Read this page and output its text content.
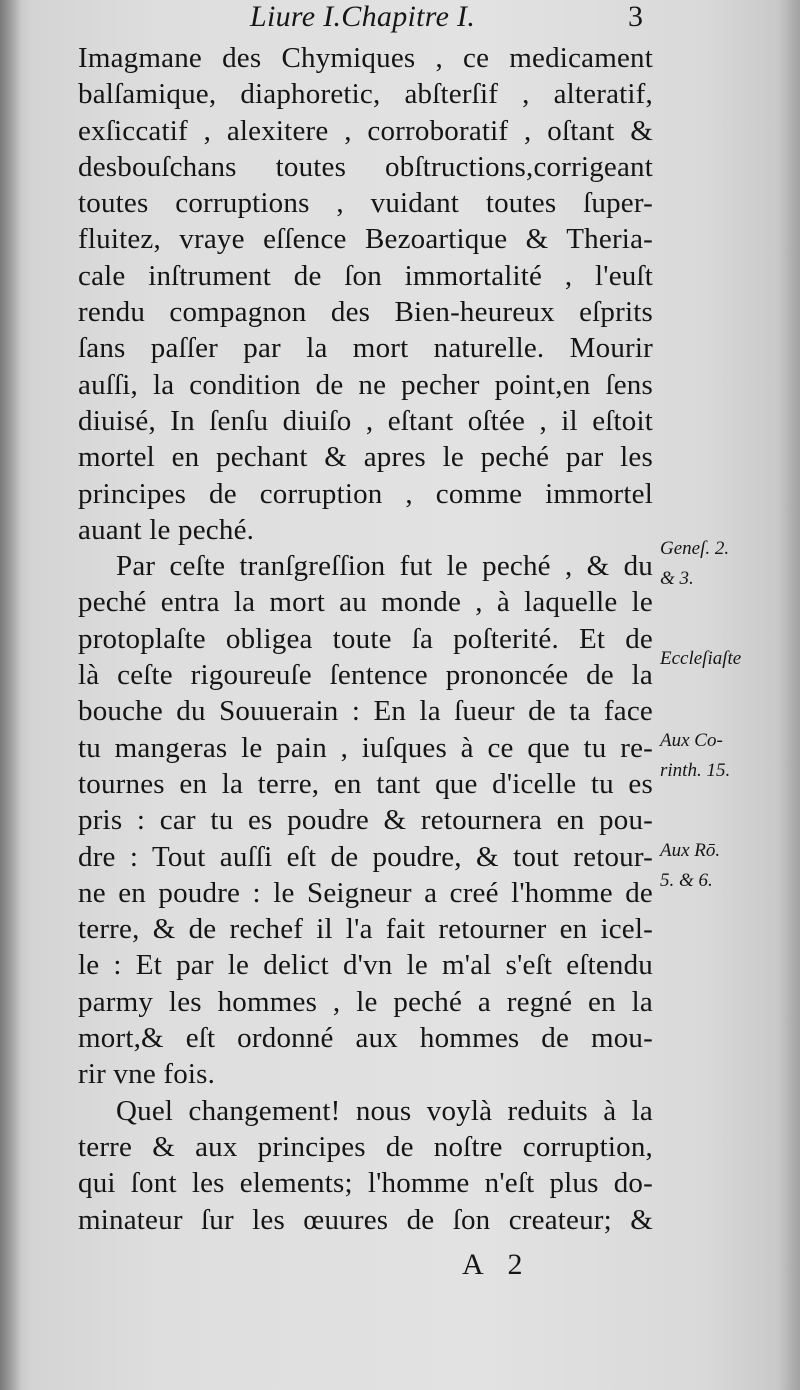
Liure I.Chapitre I.	3
Imagmane des Chymiques , ce medicament
balſamique, diaphoretic, abſterſif , alteratif,
exſiccatif , alexitere , corroboratif , oſtant &
desbouſchans toutes obſtructions,corrigeant
toutes corruptions , vuidant toutes ſuper-
fluitez, vraye eſſence Bezoartique & Theria-
cale inſtrument de ſon immortalité , l'euſt
rendu compagnon des Bien-heureux eſprits
ſans paſſer par la mort naturelle. Mourir
auſſi, la condition de ne pecher point,en ſens
diuisé, In ſenſu diuiſo , eſtant oſtée , il eſtoit
mortel en pechant & apres le peché par les
principes de corruption , comme immortel
auant le peché.
Par ceſte tranſgreſſion fut le peché , & du
peché entra la mort au monde , à laquelle le
protoplaſte obligea toute ſa poſterité. Et de
là ceſte rigoureuſe ſentence prononcée de la
bouche du Souuerain : En la ſueur de ta face
tu mangeras le pain , iuſques à ce que tu re-
tournes en la terre, en tant que d'icelle tu es
pris : car tu es poudre & retournera en pou-
dre : Tout auſſi eſt de poudre, & tout retour-
ne en poudre : le Seigneur a creé l'homme de
terre, & de rechef il l'a fait retourner en icel-
le : Et par le delict d'vn le m'al s'eſt eſtendu
parmy les hommes , le peché a regné en la
mort,& eſt ordonné aux hommes de mou-
rir vne fois.
Quel changement! nous voylà reduits à la
terre & aux principes de noſtre corruption,
qui ſont les elements; l'homme n'eſt plus do-
minateur ſur les œuures de ſon createur; &
Geneſ. 2.
& 3.
Eccleſiaſte
Aux Co-
rinth. 15.
Aux Rō.
5. & 6.
A 2
